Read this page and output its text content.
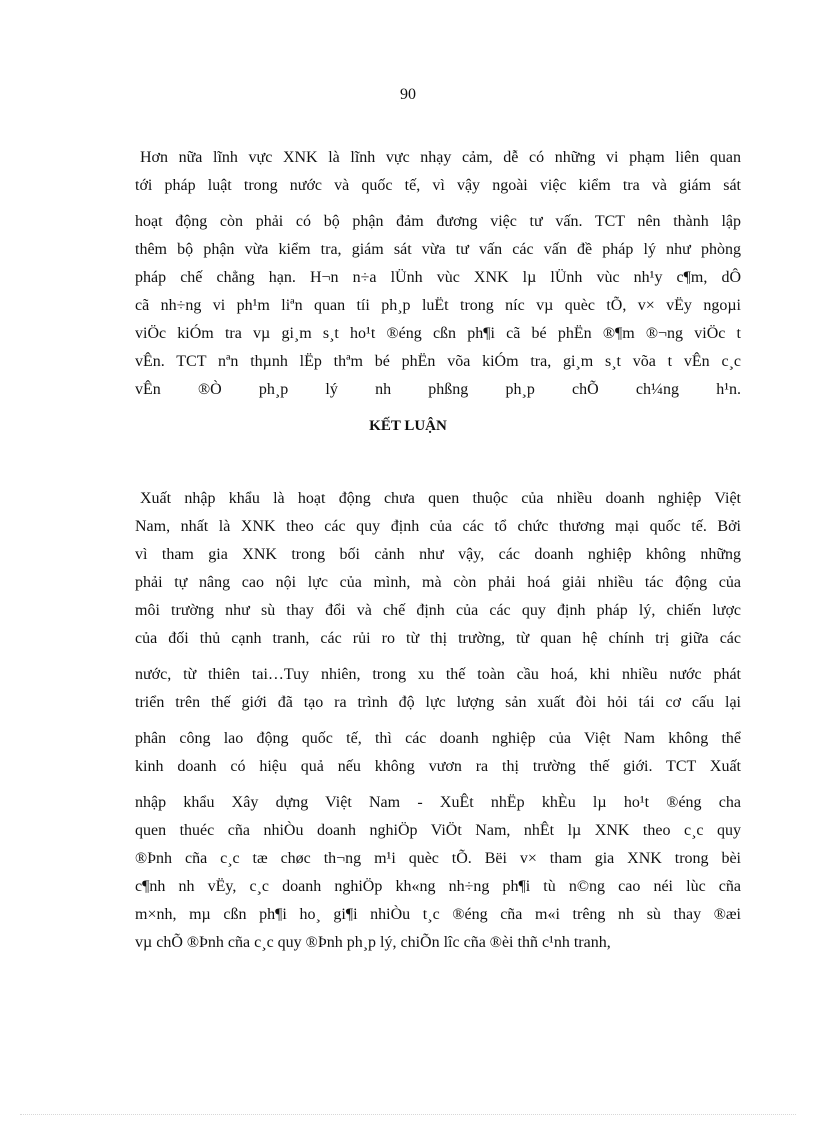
90
Hơn nữa lĩnh vực XNK là lĩnh vực nhạy cảm, dễ có những vi phạm liên quan
tới pháp luật trong nước và quốc tế, vì vậy ngoài việc kiểm tra và giám sát
hoạt động còn phải có bộ phận đảm đương việc tư vấn. TCT nên thành lập
thêm bộ phận vừa kiểm tra, giám sát vừa tư vấn các vấn đề pháp lý như phòng
pháp chế chẳng hạn. H¬n n÷a lÜnh vùc XNK lµ lÜnh vùc nh¹y c¶m, dÔ
cã nh÷ng vi ph¹m liªn quan tíi ph¸p luËt trong níc vµ quèc tÕ, v× vËy ngoµi
viÖc kiÓm tra vµ gi¸m s¸t ho¹t ®éng cßn ph¶i cã bé phËn ®¶m ®¬ng viÖc t
vÊn. TCT nªn thµnh lËp thªm bé phËn võa kiÓm tra, gi¸m s¸t võa t vÊn c¸c
vÊn ®Ò ph¸p lý nh phßng ph¸p chÕ ch¼ng h¹n.
KẾT LUẬN
Xuất nhập khẩu là hoạt động chưa quen thuộc của nhiều doanh nghiệp Việt
Nam, nhất là XNK theo các quy định của các tổ chức thương mại quốc tế. Bởi
vì tham gia XNK trong bối cảnh như vậy, các doanh nghiệp không những
phải tự nâng cao nội lực của mình, mà còn phải hoá giải nhiều tác động của
môi trường như sù thay đổi và chế định của các quy định pháp lý, chiến lược
của đối thủ cạnh tranh, các rủi ro từ thị trường, từ quan hệ chính trị giữa các
nước, từ thiên tai…Tuy nhiên, trong xu thế toàn cầu hoá, khi nhiều nước phát
triển trên thế giới đã tạo ra trình độ lực lượng sản xuất đòi hỏi tái cơ cấu lại
phân công lao động quốc tế, thì các doanh nghiệp của Việt Nam không thể
kinh doanh có hiệu quả nếu không vươn ra thị trường thế giới. TCT Xuất
nhập khẩu Xây dựng Việt Nam - XuÊt nhËp khÈu lµ ho¹t ®éng cha
quen thuéc cña nhiÒu doanh nghiÖp ViÖt Nam, nhÊt lµ XNK theo c¸c quy
®Þnh cña c¸c tæ chøc th¬ng m¹i quèc tÕ. Bëi v× tham gia XNK trong bèi
c¶nh nh vËy, c¸c doanh nghiÖp kh«ng nh÷ng ph¶i tù n©ng cao néi lùc cña
m×nh, mµ cßn ph¶i ho¸ gi¶i nhiÒu t¸c ®éng cña m«i trêng nh sù thay ®æi
vµ chÕ ®Þnh cña c¸c quy ®Þnh ph¸p lý, chiÕn lîc cña ®èi thñ c¹nh tranh,
